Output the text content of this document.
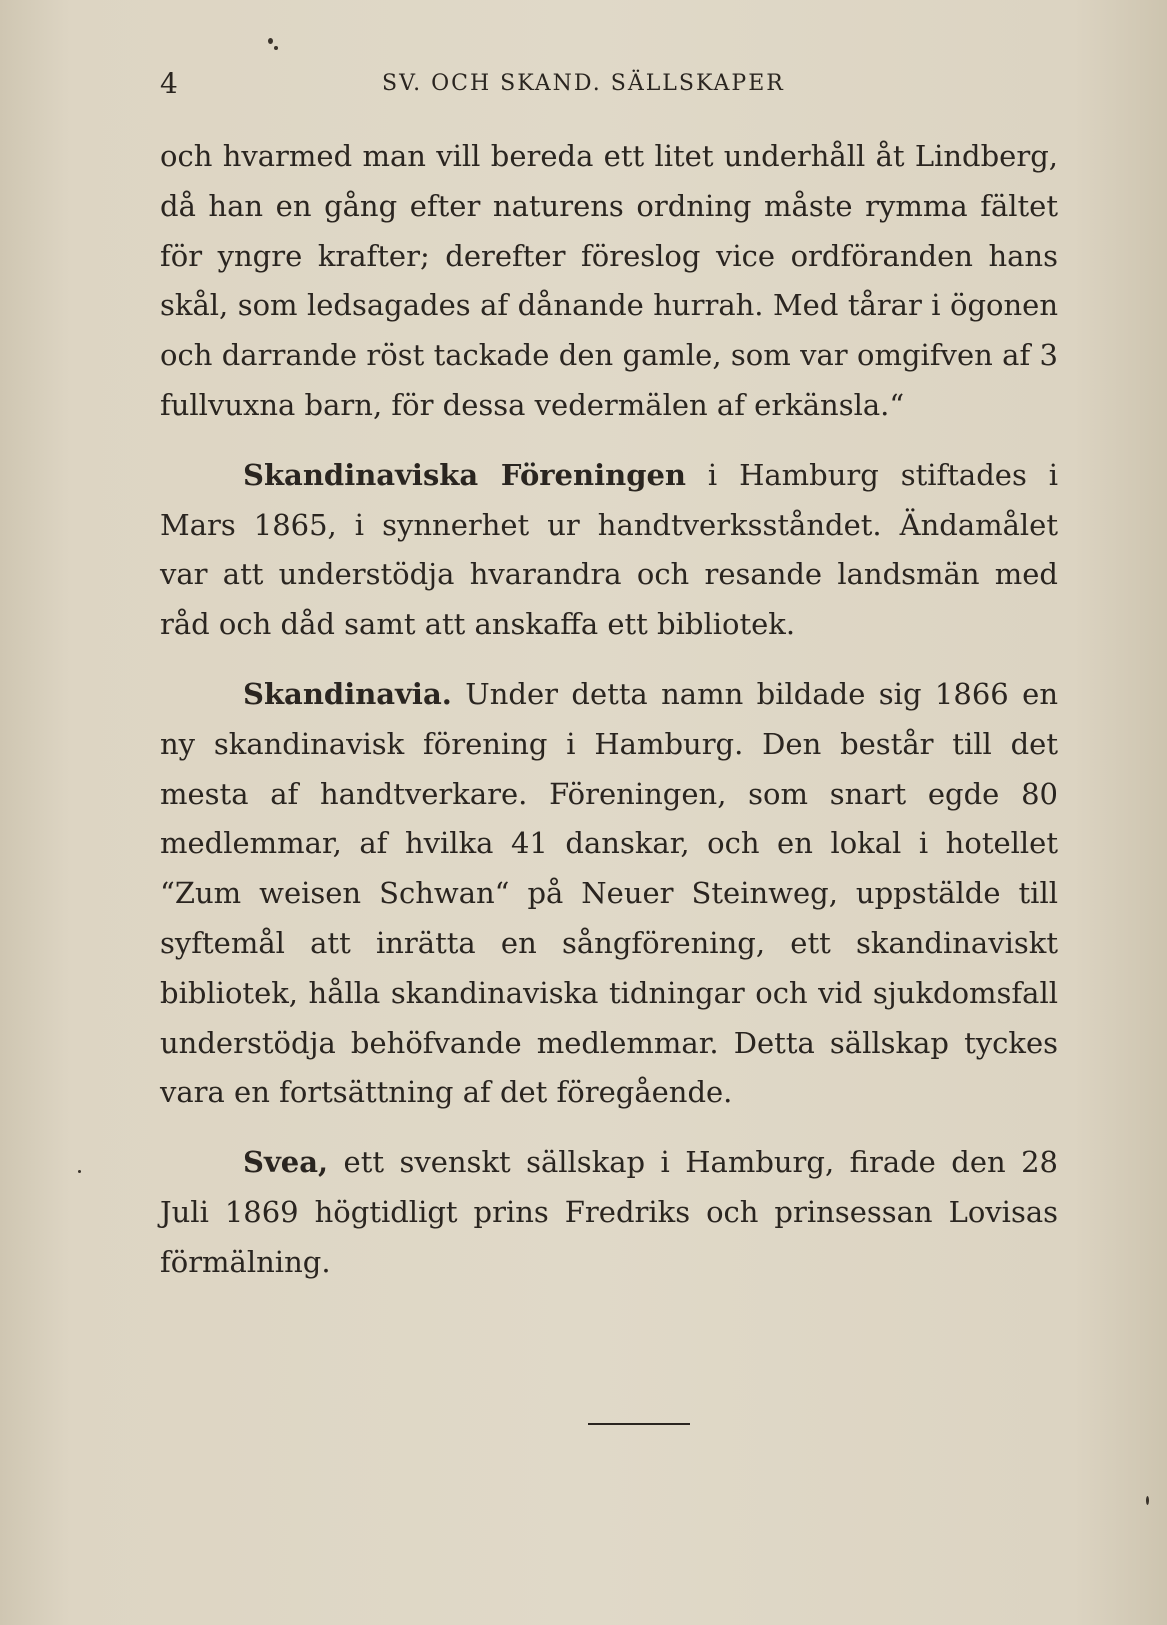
4	SV. OCH SKAND. SÄLLSKAPER

och hvarmed man vill bereda ett litet underhåll åt Lindberg, då han en gång efter naturens ordning måste rymma fältet för yngre krafter; derefter föreslog vice ordföranden hans skål, som ledsagades af dånande hurrah. Med tårar i ögonen och darrande röst tackade den gamle, som var omgifven af 3 fullvuxna barn, för dessa vedermälen af erkänsla.“

Skandinaviska Föreningen i Hamburg stiftades i Mars 1865, i synnerhet ur handtverksståndet. Ändamålet var att understödja hvarandra och resande landsmän med råd och dåd samt att anskaffa ett bibliotek.

Skandinavia. Under detta namn bildade sig 1866 en ny skandinavisk förening i Hamburg. Den består till det mesta af handtverkare. Föreningen, som snart egde 80 medlemmar, af hvilka 41 danskar, och en lokal i hotellet “Zum weisen Schwan“ på Neuer Steinweg, uppstälde till syftemål att inrätta en sångförening, ett skandinaviskt bibliotek, hålla skandinaviska tidningar och vid sjukdomsfall understödja behöfvande medlemmar. Detta sällskap tyckes vara en fortsättning af det föregående.

Svea, ett svenskt sällskap i Hamburg, firade den 28 Juli 1869 högtidligt prins Fredriks och prinsessan Lovisas förmälning.
